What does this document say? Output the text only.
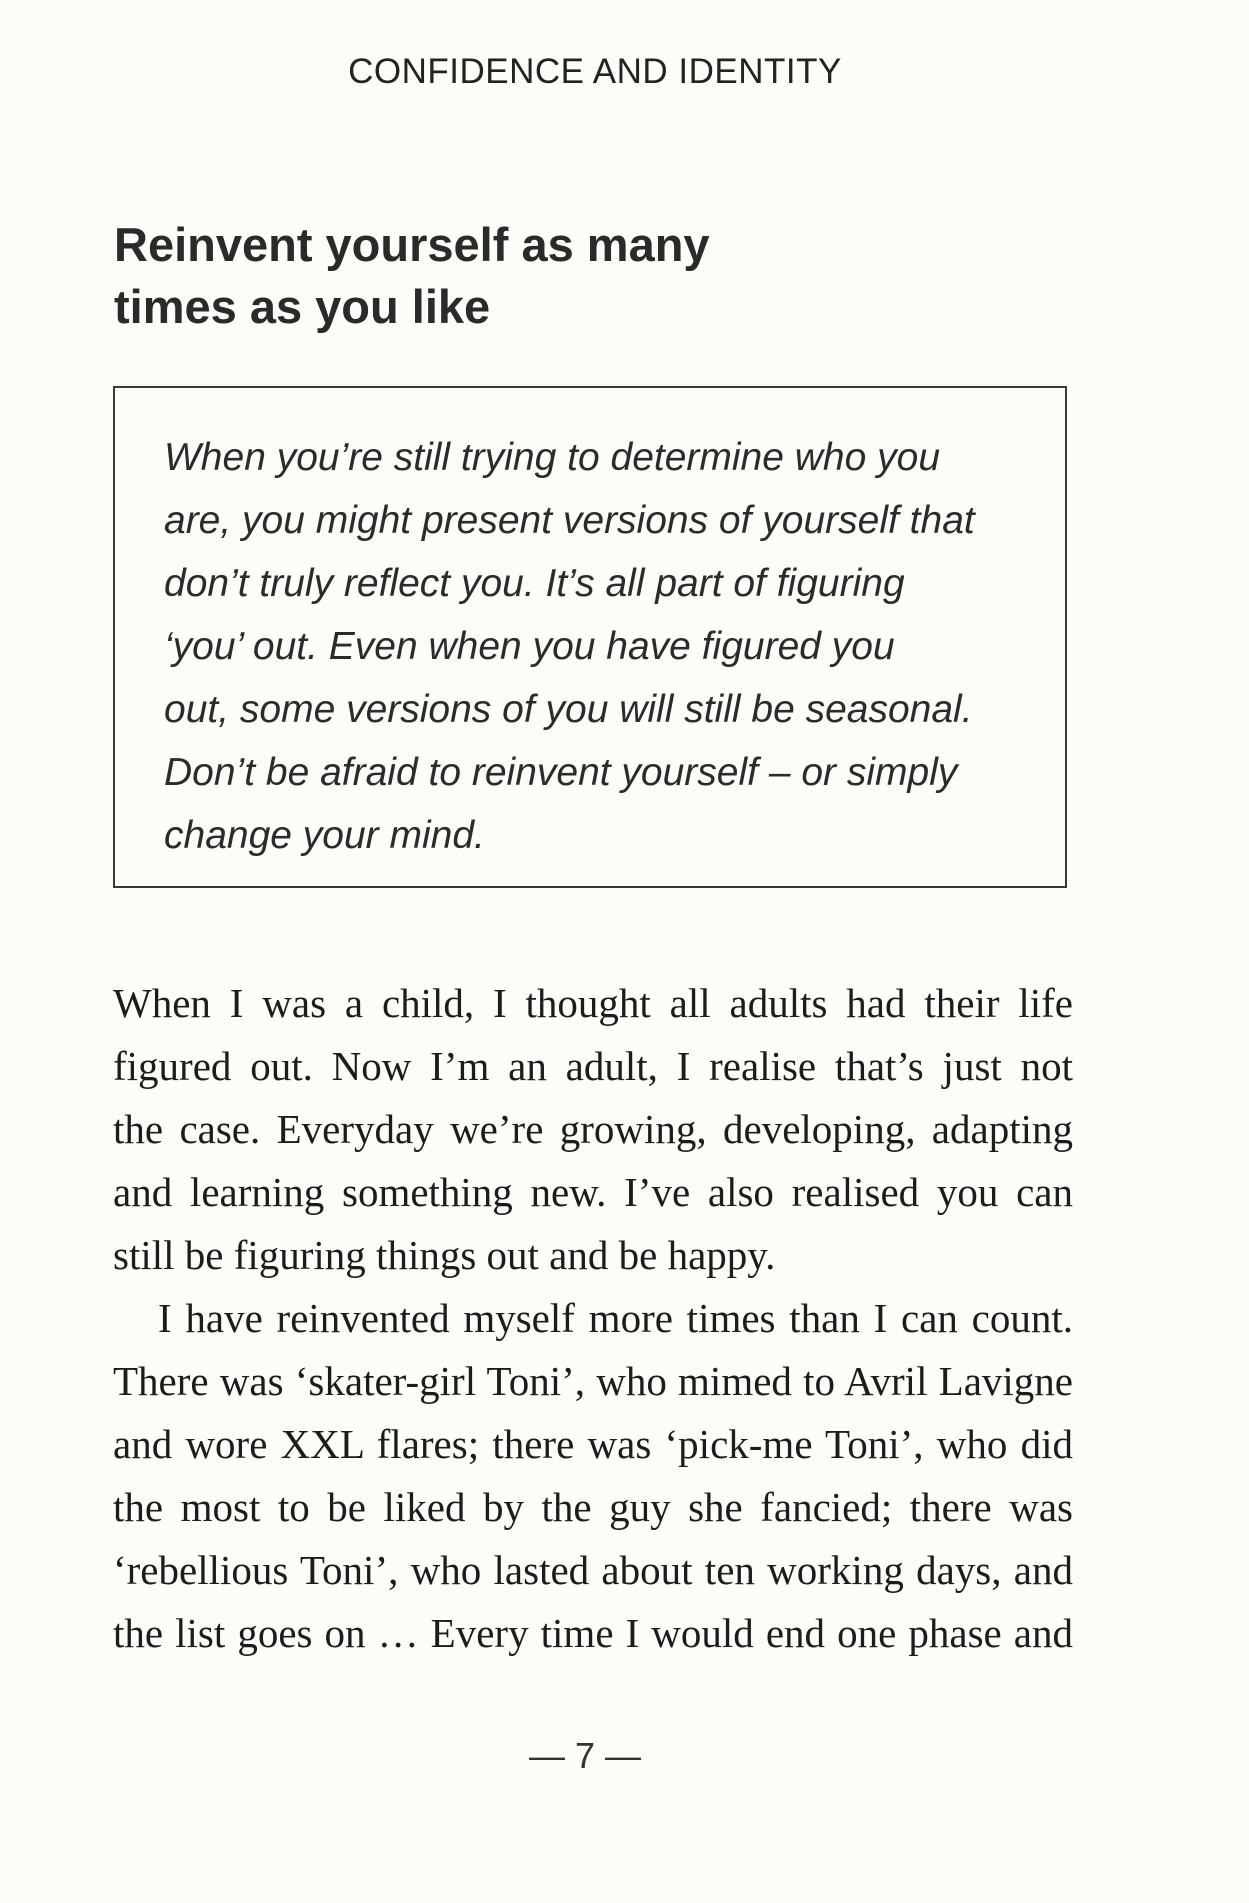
CONFIDENCE AND IDENTITY
Reinvent yourself as many
times as you like

When you’re still trying to determine who you
are, you might present versions of yourself that
don’t truly reflect you. It’s all part of figuring
‘you’ out. Even when you have figured you
out, some versions of you will still be seasonal.
Don’t be afraid to reinvent yourself – or simply
change your mind.

When I was a child, I thought all adults had their life
figured out. Now I’m an adult, I realise that’s just not
the case. Everyday we’re growing, developing, adapting
and learning something new. I’ve also realised you can
still be figuring things out and be happy.
I have reinvented myself more times than I can count.
There was ‘skater-girl Toni’, who mimed to Avril Lavigne
and wore XXL flares; there was ‘pick-me Toni’, who did
the most to be liked by the guy she fancied; there was
‘rebellious Toni’, who lasted about ten working days, and
the list goes on … Every time I would end one phase and
— 7 —
